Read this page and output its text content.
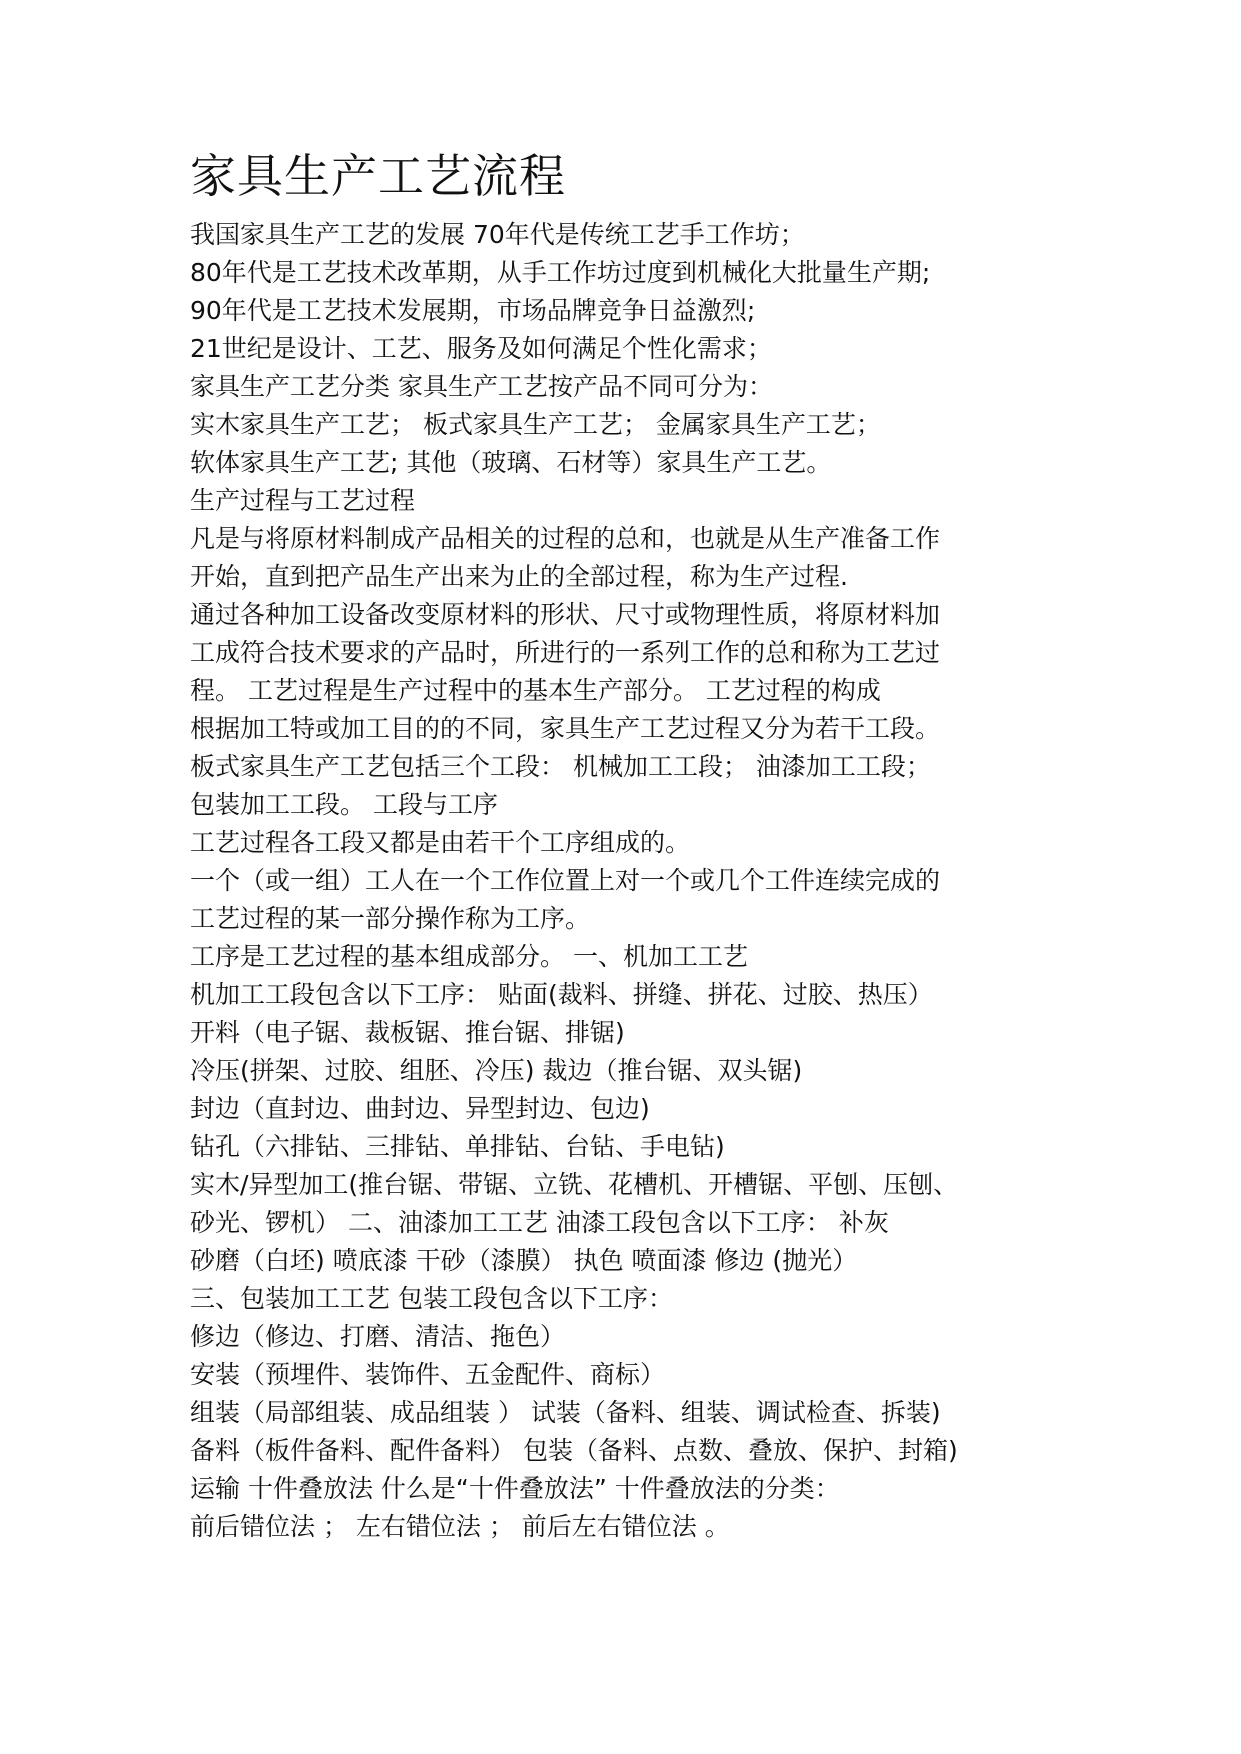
家具生产工艺流程
我国家具生产工艺的发展 70年代是传统工艺手工作坊；
80年代是工艺技术改革期，从手工作坊过度到机械化大批量生产期;
90年代是工艺技术发展期，市场品牌竞争日益激烈;
21世纪是设计、工艺、服务及如何满足个性化需求；
家具生产工艺分类 家具生产工艺按产品不同可分为：
实木家具生产工艺； 板式家具生产工艺； 金属家具生产工艺；
软体家具生产工艺; 其他（玻璃、石材等）家具生产工艺。
生产过程与工艺过程
凡是与将原材料制成产品相关的过程的总和，也就是从生产准备工作
开始，直到把产品生产出来为止的全部过程，称为生产过程.
通过各种加工设备改变原材料的形状、尺寸或物理性质，将原材料加
工成符合技术要求的产品时，所进行的一系列工作的总和称为工艺过
程。 工艺过程是生产过程中的基本生产部分。 工艺过程的构成
根据加工特或加工目的的不同，家具生产工艺过程又分为若干工段。
板式家具生产工艺包括三个工段： 机械加工工段； 油漆加工工段；
包装加工工段。 工段与工序
工艺过程各工段又都是由若干个工序组成的。
一个（或一组）工人在一个工作位置上对一个或几个工件连续完成的
工艺过程的某一部分操作称为工序。
工序是工艺过程的基本组成部分。 一、机加工工艺
机加工工段包含以下工序： 贴面(裁料、拼缝、拼花、过胶、热压）
开料（电子锯、裁板锯、推台锯、排锯)
冷压(拼架、过胶、组胚、冷压) 裁边（推台锯、双头锯)
封边（直封边、曲封边、异型封边、包边)
钻孔（六排钻、三排钻、单排钻、台钻、手电钻)
实木/异型加工(推台锯、带锯、立铣、花槽机、开槽锯、平刨、压刨、
砂光、锣机） 二、油漆加工工艺 油漆工段包含以下工序： 补灰
砂磨（白坯) 喷底漆 干砂（漆膜） 执色 喷面漆 修边 (抛光）
三、包装加工工艺 包装工段包含以下工序：
修边（修边、打磨、清洁、拖色）
安装（预埋件、装饰件、五金配件、商标）
组装（局部组装、成品组装 ） 试装（备料、组装、调试检查、拆装)
备料（板件备料、配件备料） 包装（备料、点数、叠放、保护、封箱)
运输 十件叠放法 什么是“十件叠放法” 十件叠放法的分类：
前后错位法 ； 左右错位法 ； 前后左右错位法 。
